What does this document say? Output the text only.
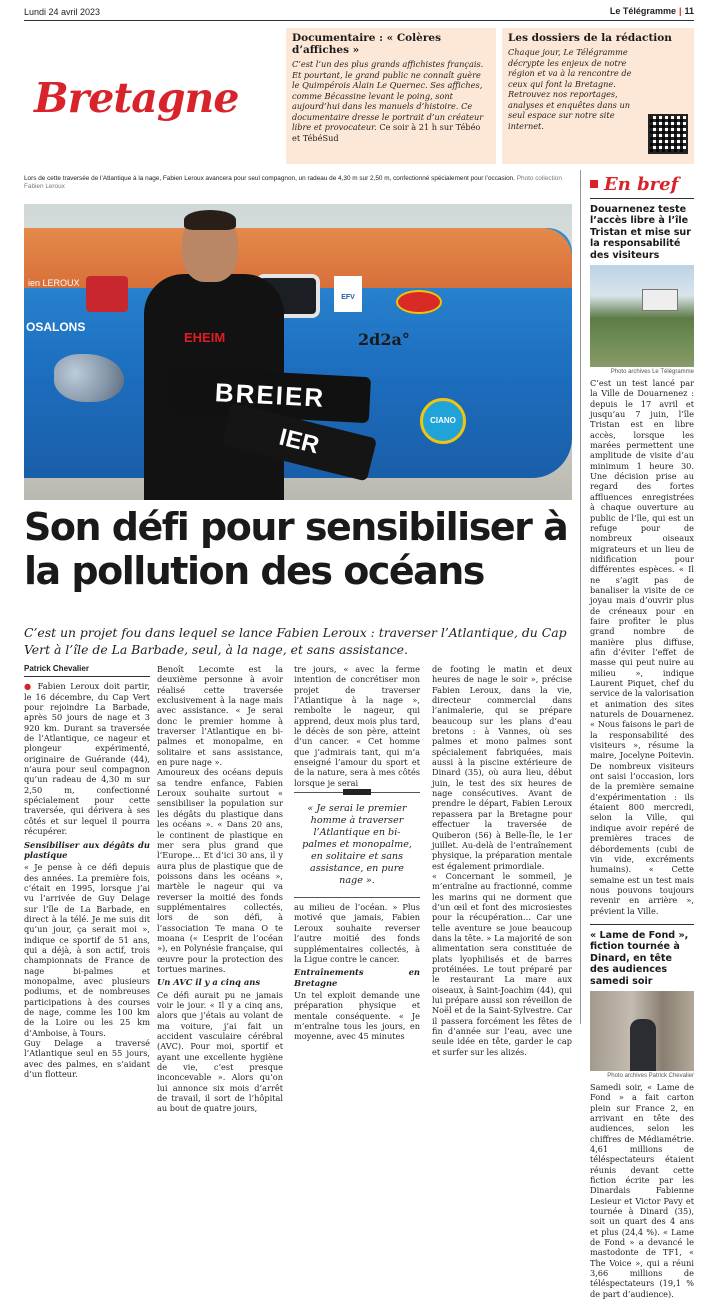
Lundi 24 avril 2023	Le Télégramme | 11
Bretagne
Documentaire : « Colères d’affiches »
C’est l’un des plus grands affichistes français. Et pourtant, le grand public ne connaît guère le Quimpérois Alain Le Quernec. Ses affiches, comme Bécassine levant le poing, sont aujourd’hui dans les manuels d’histoire. Ce documentaire dresse le portrait d’un créateur libre et provocateur. Ce soir à 21 h sur Tébéo et TébéSud
Les dossiers de la rédaction
Chaque jour, Le Télégramme décrypte les enjeux de notre région et va à la rencontre de ceux qui font la Bretagne. Retrouvez nos reportages, analyses et enquêtes dans un seul espace sur notre site internet.
Lors de cette traversée de l’Atlantique à la nage, Fabien Leroux avancera pour seul compagnon, un radeau de 4,30 m sur 2,50 m, confectionné spécialement pour l’occasion. Photo collection Fabien Leroux
ien LEROUX
OSALONS
EFV
2d2a°
CIANO
EHEIM
BREIER
IER
Son défi pour sensibiliser à la pollution des océans
C’est un projet fou dans lequel se lance Fabien Leroux : traverser l’Atlantique, du Cap Vert à l’île de La Barbade, seul, à la nage, et sans assistance.
Patrick Chevalier

● Fabien Leroux doit partir, le 16 décembre, du Cap Vert pour rejoindre La Barbade, après 50 jours de nage et 3 920 km. Durant sa traversée de l’Atlantique, ce nageur et plongeur expérimenté, originaire de Guérande (44), n’aura pour seul compagnon qu’un radeau de 4,30 m sur 2,50 m, confectionné spécialement pour cette traversée, qui dérivera à ses côtés et sur lequel il pourra récupérer.

Sensibiliser aux dégâts du plastique

« Je pense à ce défi depuis des années. La première fois, c’était en 1995, lorsque j’ai vu l’arrivée de Guy Delage sur l’île de La Barbade, en direct à la télé. Je me suis dit qu’un jour, ça serait moi », indique ce sportif de 51 ans, qui a déjà, à son actif, trois championnats de France de nage bi-palmes et monopalme, avec plusieurs podiums, et de nombreuses participations à des courses de nage, comme les 100 km de la Loire ou les 25 km d’Amboise, à Tours.

Guy Delage a traversé l’Atlantique seul en 55 jours, avec des palmes, en s’aidant d’un flotteur.

Benoît Lecomte est la deuxième personne à avoir réalisé cette traversée exclusivement à la nage mais avec assistance. « Je serai donc le premier homme à traverser l’Atlantique en bi-palmes et monopalme, en solitaire et sans assistance, en pure nage ».

Amoureux des océans depuis sa tendre enfance, Fabien Leroux souhaite surtout « sensibiliser la population sur les dégâts du plastique dans les océans ». « Dans 20 ans, le continent de plastique en mer sera plus grand que l’Europe… Et d’ici 30 ans, il y aura plus de plastique que de poissons dans les océans », martèle le nageur qui va reverser la moitié des fonds supplémentaires collectés, lors de son défi, à l’association Te mana O te moana (« L’esprit de l’océan »), en Polynésie française, qui œuvre pour la protection des tortues marines.

Un AVC il y a cinq ans

Ce défi aurait pu ne jamais voir le jour. « Il y a cinq ans, alors que j’étais au volant de ma voiture, j’ai fait un accident vasculaire cérébral (AVC). Pour moi, sportif et ayant une excellente hygiène de vie, c’est presque inconcevable ». Alors qu’on lui annonce six mois d’arrêt de travail, il sort de l’hôpital au bout de quatre jours,

tre jours, « avec la ferme intention de concrétiser mon projet de traverser l’Atlantique à la nage », remboîte le nageur, qui apprend, deux mois plus tard, le décès de son père, atteint d’un cancer. « Cet homme que j’admirais tant, qui m’a enseigné l’amour du sport et de la nature, sera à mes côtés lorsque je serai

« Je serai le premier homme à traverser l’Atlantique en bi-palmes et monopalme, en solitaire et sans assistance, en pure nage ».

au milieu de l’océan. » Plus motivé que jamais, Fabien Leroux souhaite reverser l’autre moitié des fonds supplémentaires collectés, à la Ligue contre le cancer.

Entraînements en Bretagne

Un tel exploit demande une préparation physique et mentale conséquente. « Je m’entraîne tous les jours, en moyenne, avec 45 minutes

de footing le matin et deux heures de nage le soir », précise Fabien Leroux, dans la vie, directeur commercial dans l’animalerie, qui se prépare beaucoup sur les plans d’eau bretons : à Vannes, où ses palmes et mono palmes sont spécialement fabriquées, mais aussi à la piscine extérieure de Dinard (35), où aura lieu, début juin, le test des six heures de nage consécutives. Avant de prendre le départ, Fabien Leroux repassera par la Bretagne pour effectuer la traversée de Quiberon (56) à Belle-Île, le 1er juillet. Au-delà de l’entraînement physique, la préparation mentale est également primordiale.

« Concernant le sommeil, je m’entraîne au fractionné, comme les marins qui ne dorment que d’un œil et font des microsiestes pour la récupération… Car une telle aventure se joue beaucoup dans la tête. » La majorité de son alimentation sera constituée de plats lyophilisés et de barres protéinées. Le tout préparé par le restaurant La mare aux oiseaux, à Saint-Joachim (44), qui lui prépare aussi son réveillon de Noël et de la Saint-Sylvestre. Car il passera forcément les fêtes de fin d’année sur l’eau, avec une seule idée en tête, garder le cap et surfer sur les alizés.

En bref
Douarnenez teste l’accès libre à l’île Tristan et mise sur la responsabilité des visiteurs
Photo archives Le Télégramme
C’est un test lancé par la Ville de Douarnenez : depuis le 17 avril et jusqu’au 7 juin, l’île Tristan est en libre accès, lorsque les marées permettent une amplitude de visite d’au minimum 1 heure 30. Une décision prise au regard des fortes affluences enregistrées à chaque ouverture au public de l’île, qui est un refuge pour de nombreux oiseaux migrateurs et un lieu de nidification pour différentes espèces. « Il ne s’agit pas de banaliser la visite de ce joyau mais d’ouvrir plus de créneaux pour en faire profiter le plus grand nombre de manière plus diffuse, afin d’éviter l’effet de masse qui peut nuire au milieu », indique Laurent Piquet, chef du service de la valorisation et animation des sites naturels de Douarnenez. « Nous faisons le pari de la responsabilité des visiteurs », résume la maire, Jocelyne Poitevin. De nombreux visiteurs ont saisi l’occasion, lors de la première semaine d’expérimentation : ils étaient 800 mercredi, selon la Ville, qui indique avoir repéré de premières traces de débordements (cubi de vin vide, excréments humains). « Cette semaine est un test mais nous pouvons toujours revenir en arrière », prévient la Ville.
« Lame de Fond », fiction tournée à Dinard, en tête des audiences samedi soir
Photo archives Patrick Chevalier
Samedi soir, « Lame de Fond » a fait carton plein sur France 2, en arrivant en tête des audiences, selon les chiffres de Médiamétrie. 4,61 millions de téléspectateurs étaient réunis devant cette fiction écrite par les Dinardais Fabienne Lesieur et Victor Pavy et tournée à Dinard (35), soit un quart des 4 ans et plus (24,4 %). « Lame de Fond » a devancé le mastodonte de TF1, « The Voice », qui a réuni 3,66 millions de téléspectateurs (19,1 % de part d’audience).
